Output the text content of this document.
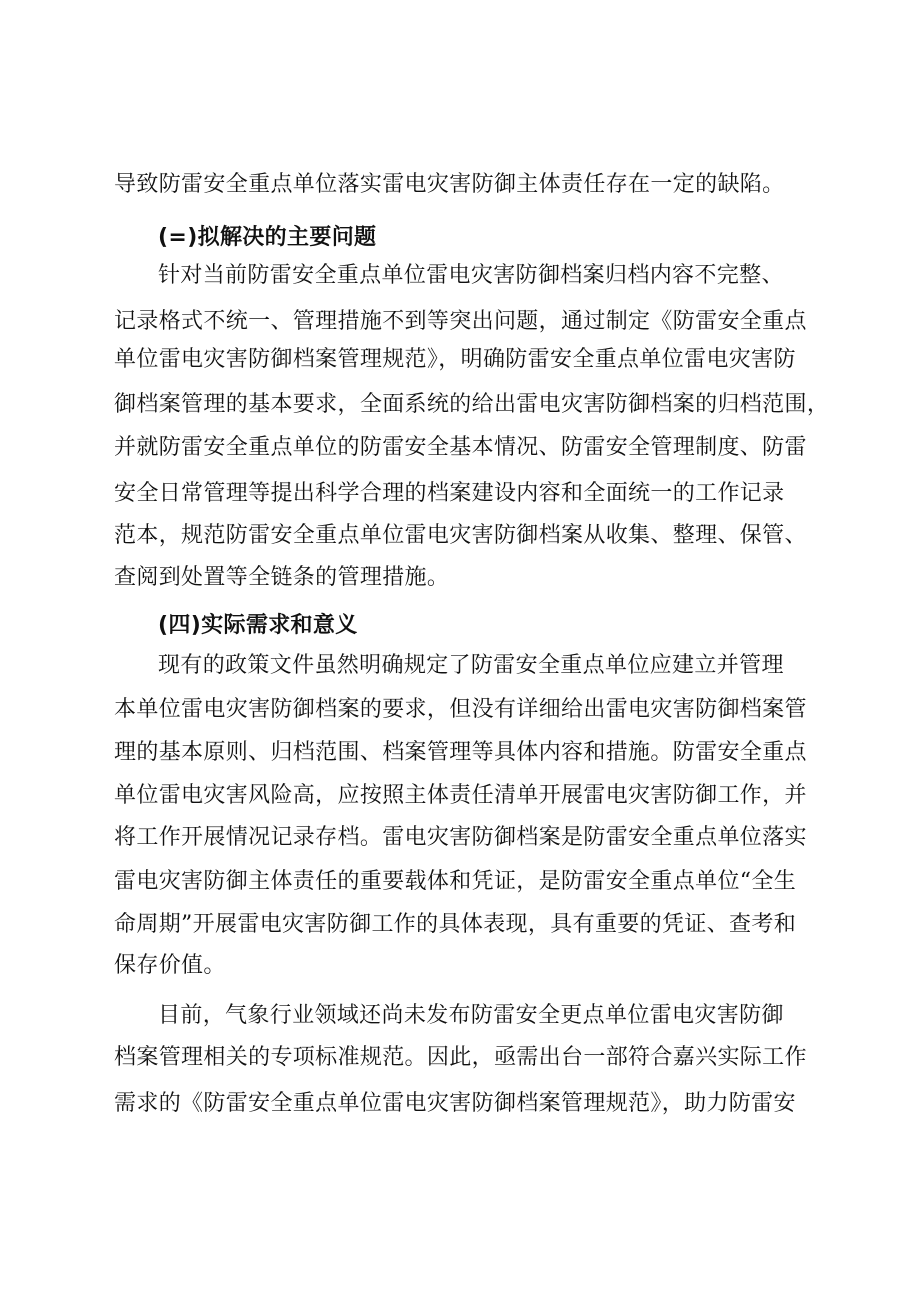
导致防雷安全重点单位落实雷电灾害防御主体责任存在一定的缺陷。
(=)拟解决的主要问题
针对当前防雷安全重点单位雷电灾害防御档案归档内容不完整、
记录格式不统一、管理措施不到等突出问题，通过制定《防雷安全重点
单位雷电灾害防御档案管理规范》，明确防雷安全重点单位雷电灾害防
御档案管理的基本要求，全面系统的给出雷电灾害防御档案的归档范围，
并就防雷安全重点单位的防雷安全基本情况、防雷安全管理制度、防雷
安全日常管理等提出科学合理的档案建设内容和全面统一的工作记录
范本，规范防雷安全重点单位雷电灾害防御档案从收集、整理、保管、
查阅到处置等全链条的管理措施。
(四)实际需求和意义
现有的政策文件虽然明确规定了防雷安全重点单位应建立并管理
本单位雷电灾害防御档案的要求，但没有详细给出雷电灾害防御档案管
理的基本原则、归档范围、档案管理等具体内容和措施。防雷安全重点
单位雷电灾害风险高，应按照主体责任清单开展雷电灾害防御工作，并
将工作开展情况记录存档。雷电灾害防御档案是防雷安全重点单位落实
雷电灾害防御主体责任的重要载体和凭证，是防雷安全重点单位“全生
命周期”开展雷电灾害防御工作的具体表现，具有重要的凭证、查考和
保存价值。
目前，气象行业领域还尚未发布防雷安全更点单位雷电灾害防御
档案管理相关的专项标准规范。因此，亟需出台一部符合嘉兴实际工作
需求的《防雷安全重点单位雷电灾害防御档案管理规范》，助力防雷安
